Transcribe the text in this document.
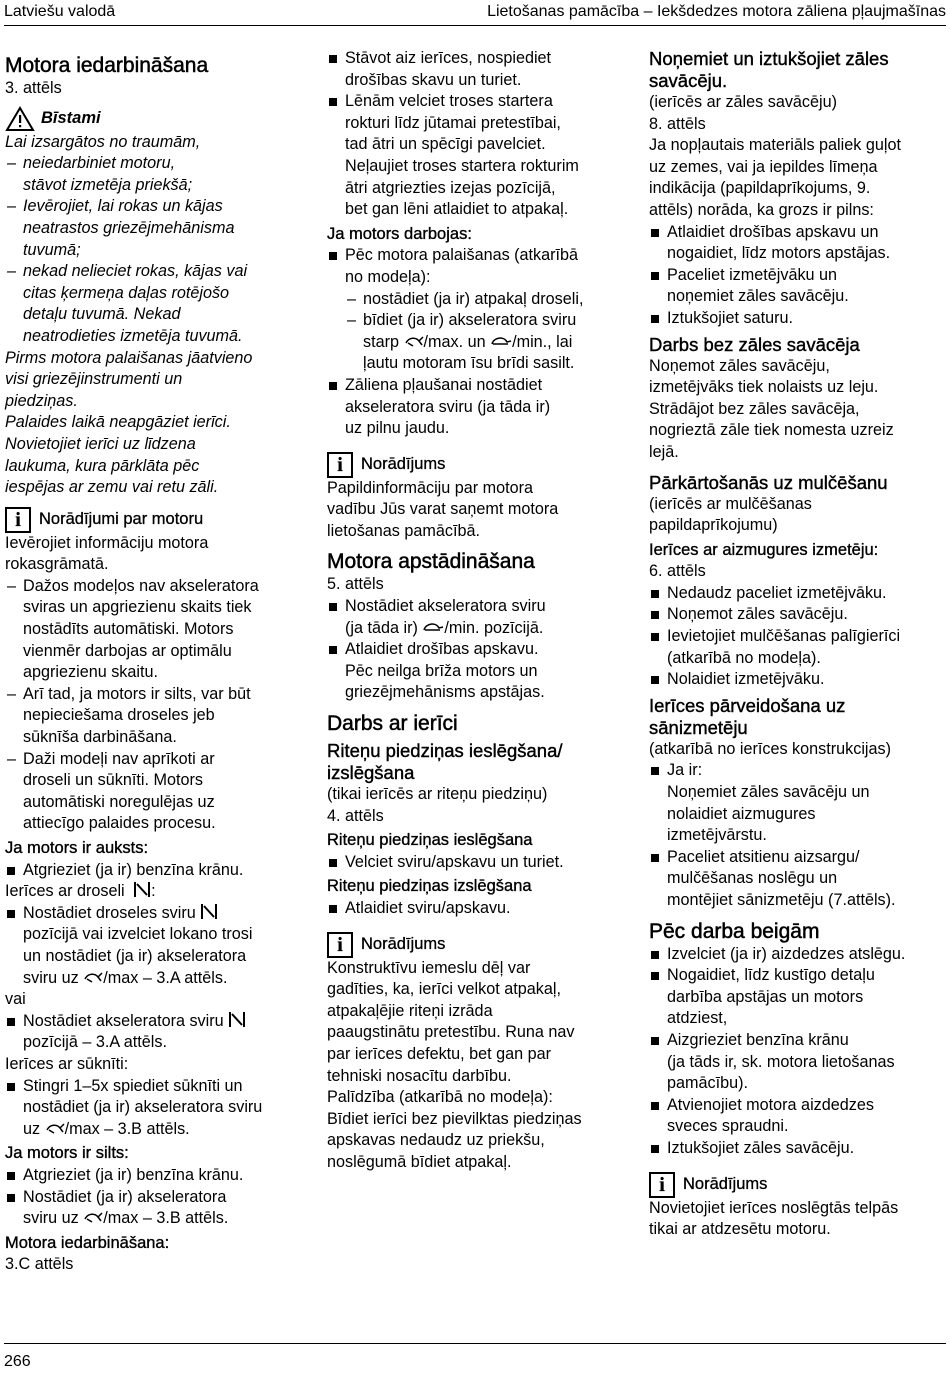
Latviešu valodā	Lietošanas pamācība – Iekšdedzes motora zāliena pļaujmašīnas
Motora iedarbināšana
3. attēls
Bīstami
Lai izsargātos no traumām,
– neiedarbiniet motoru,
stāvot izmetēja priekšā;
– Ievērojiet, lai rokas un kājas
neatrastos griezējmehānisma
tuvumā;
– nekad nelieciet rokas, kājas vai
citas ķermeņa daļas rotējošo
detaļu tuvumā. Nekad
neatrodieties izmetēja tuvumā.
Pirms motora palaišanas jāatvieno
visi griezējinstrumenti un
piedziņas.
Palaides laikā neapgāziet ierīci.
Novietojiet ierīci uz līdzena
laukuma, kura pārklāta pēc
iespējas ar zemu vai retu zāli.
i	Norādījumi par motoru
Ievērojiet informāciju motora
rokasgrāmatā.
– Dažos modeļos nav akseleratora
sviras un apgriezienu skaits tiek
nostādīts automātiski. Motors
vienmēr darbojas ar optimālu
apgriezienu skaitu.
– Arī tad, ja motors ir silts, var būt
nepieciešama droseles jeb
sūknīša darbināšana.
– Daži modeļi nav aprīkoti ar
droseli un sūknīti. Motors
automātiski noregulējas uz
attiecīgo palaides procesu.
Ja motors ir auksts:
Atgrieziet (ja ir) benzīna krānu.
Ierīces ar droseli :
Nostādiet droseles sviru
pozīcijā vai izvelciet lokano trosi
un nostādiet (ja ir) akseleratora
sviru uz /max – 3.A attēls.
vai
Nostādiet akseleratora sviru
pozīcijā – 3.A attēls.
Ierīces ar sūknīti:
Stingri 1–5x spiediet sūknīti un
nostādiet (ja ir) akseleratora sviru
uz /max – 3.B attēls.
Ja motors ir silts:
Atgrieziet (ja ir) benzīna krānu.
Nostādiet (ja ir) akseleratora
sviru uz /max – 3.B attēls.
Motora iedarbināšana:
3.C attēls
Stāvot aiz ierīces, nospiediet
drošības skavu un turiet.
Lēnām velciet troses startera
rokturi līdz jūtamai pretestībai,
tad ātri un spēcīgi pavelciet.
Neļaujiet troses startera rokturim
ātri atgriezties izejas pozīcijā,
bet gan lēni atlaidiet to atpakaļ.
Ja motors darbojas:
Pēc motora palaišanas (atkarībā
no modeļa):
– nostādiet (ja ir) atpakaļ droseli,
– bīdiet (ja ir) akseleratora sviru
starp /max. un /min., lai
ļautu motoram īsu brīdi sasilt.
Zāliena pļaušanai nostādiet
akseleratora sviru (ja tāda ir)
uz pilnu jaudu.
i	Norādījums
Papildinformāciju par motora
vadību Jūs varat saņemt motora
lietošanas pamācībā.
Motora apstādināšana
5. attēls
Nostādiet akseleratora sviru
(ja tāda ir) /min. pozīcijā.
Atlaidiet drošības apskavu.
Pēc neilga brīža motors un
griezējmehānisms apstājas.
Darbs ar ierīci
Riteņu piedziņas ieslēgšana/
izslēgšana
(tikai ierīcēs ar riteņu piedziņu)
4. attēls
Riteņu piedziņas ieslēgšana
Velciet sviru/apskavu un turiet.
Riteņu piedziņas izslēgšana
Atlaidiet sviru/apskavu.
i	Norādījums
Konstruktīvu iemeslu dēļ var
gadīties, ka, ierīci velkot atpakaļ,
atpakaļējie riteņi izrāda
paaugstinātu pretestību. Runa nav
par ierīces defektu, bet gan par
tehniski nosacītu darbību.
Palīdzība (atkarībā no modeļa):
Bīdiet ierīci bez pievilktas piedziņas
apskavas nedaudz uz priekšu,
noslēgumā bīdiet atpakaļ.
Noņemiet un iztukšojiet zāles
savācēju.
(ierīcēs ar zāles savācēju)
8. attēls
Ja nopļautais materiāls paliek guļot
uz zemes, vai ja iepildes līmeņa
indikācija (papildaprīkojums, 9.
attēls) norāda, ka grozs ir pilns:
Atlaidiet drošības apskavu un
nogaidiet, līdz motors apstājas.
Paceliet izmetējvāku un
noņemiet zāles savācēju.
Iztukšojiet saturu.
Darbs bez zāles savācēja
Noņemot zāles savācēju,
izmetējvāks tiek nolaists uz leju.
Strādājot bez zāles savācēja,
nogrieztā zāle tiek nomesta uzreiz
lejā.
Pārkārtošanās uz mulčēšanu
(ierīcēs ar mulčēšanas
papildaprīkojumu)
Ierīces ar aizmugures izmetēju:
6. attēls
Nedaudz paceliet izmetējvāku.
Noņemot zāles savācēju.
Ievietojiet mulčēšanas palīgierīci
(atkarībā no modeļa).
Nolaidiet izmetējvāku.
Ierīces pārveidošana uz
sānizmetēju
(atkarībā no ierīces konstrukcijas)
Ja ir:
Noņemiet zāles savācēju un
nolaidiet aizmugures
izmetējvārstu.
Paceliet atsitienu aizsargu/
mulčēšanas noslēgu un
montējiet sānizmetēju (7.attēls).
Pēc darba beigām
Izvelciet (ja ir) aizdedzes atslēgu.
Nogaidiet, līdz kustīgo detaļu
darbība apstājas un motors
atdziest,
Aizgrieziet benzīna krānu
(ja tāds ir, sk. motora lietošanas
pamācību).
Atvienojiet motora aizdedzes
sveces spraudni.
Iztukšojiet zāles savācēju.
i	Norādījums
Novietojiet ierīces noslēgtās telpās
tikai ar atdzesētu motoru.
266
